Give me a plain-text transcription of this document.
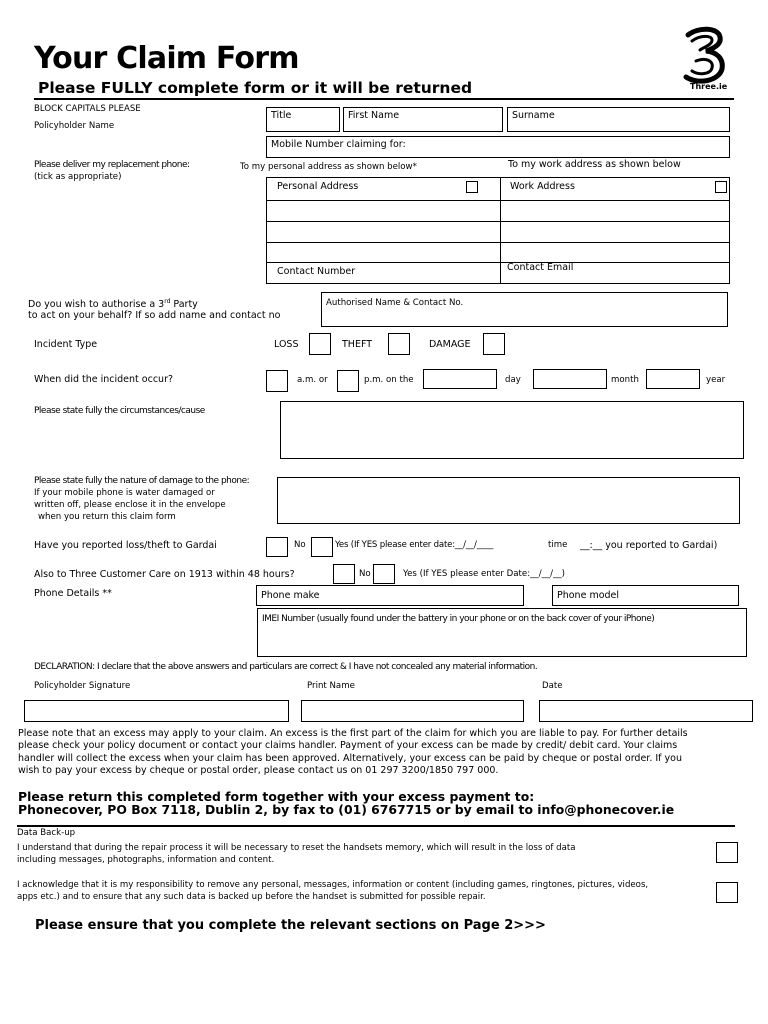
Your Claim Form
Please FULLY complete form or it will be returned	Three.ie
BLOCK CAPITALS PLEASE
Policyholder Name
Title	First Name	Surname
Mobile Number claiming for:
Please deliver my replacement phone:
(tick as appropriate)
To my personal address as shown below*	To my work address as shown below
Personal Address	Work Address
Contact Number	Contact Email
Do you wish to authorise a 3rd Party
to act on your behalf? If so add name and contact no
Authorised Name & Contact No.
Incident Type	LOSS	THEFT	DAMAGE
When did the incident occur?	a.m. or	p.m. on the	day	month	year
Please state fully the circumstances/cause
Please state fully the nature of damage to the phone:
If your mobile phone is water damaged or
written off, please enclose it in the envelope
when you return this claim form
Have you reported loss/theft to Gardai	No	Yes (If YES please enter date:__/__/____	time __:__ you reported to Gardai)
Also to Three Customer Care on 1913 within 48 hours?	No	Yes (If YES please enter Date:__/__/__)
Phone Details **	Phone make	Phone model
IMEI Number (usually found under the battery in your phone or on the back cover of your iPhone)
DECLARATION: I declare that the above answers and particulars are correct & I have not concealed any material information.
Policyholder Signature	Print Name	Date
Please note that an excess may apply to your claim. An excess is the first part of the claim for which you are liable to pay. For further details
please check your policy document or contact your claims handler. Payment of your excess can be made by credit/ debit card. Your claims
handler will collect the excess when your claim has been approved. Alternatively, your excess can be paid by cheque or postal order. If you
wish to pay your excess by cheque or postal order, please contact us on 01 297 3200/1850 797 000.
Please return this completed form together with your excess payment to:
Phonecover, PO Box 7118, Dublin 2, by fax to (01) 6767715 or by email to info@phonecover.ie
Data Back-up
I understand that during the repair process it will be necessary to reset the handsets memory, which will result in the loss of data
including messages, photographs, information and content.
I acknowledge that it is my responsibility to remove any personal, messages, information or content (including games, ringtones, pictures, videos,
apps etc.) and to ensure that any such data is backed up before the handset is submitted for possible repair.
Please ensure that you complete the relevant sections on Page 2>>>
